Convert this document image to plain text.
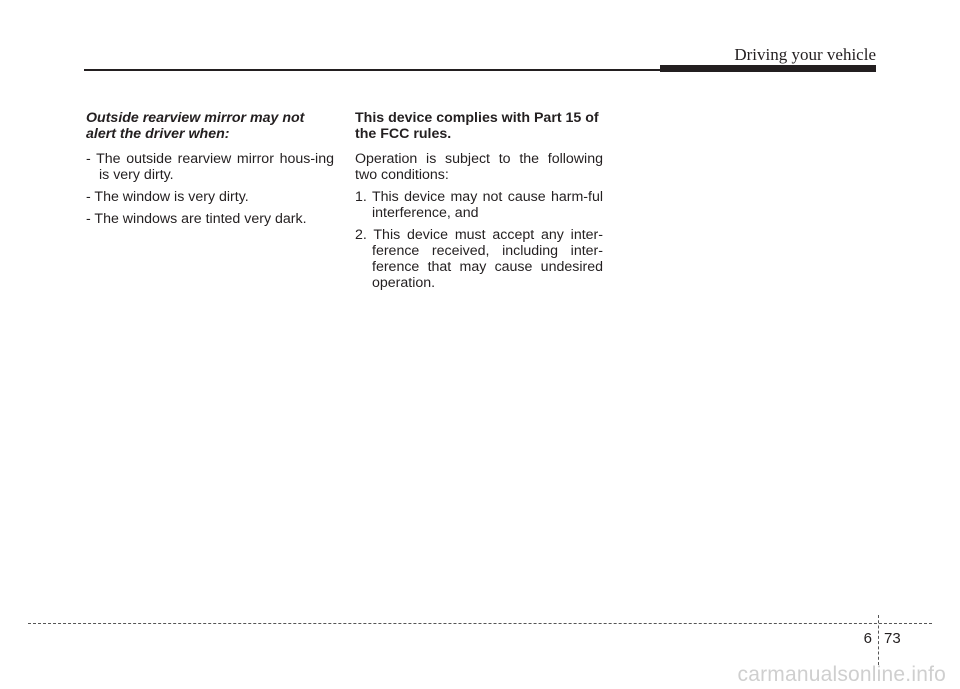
Driving your vehicle

Outside rearview mirror may not alert the driver when:

- The outside rearview mirror hous-ing is very dirty.

- The window is very dirty.

- The windows are tinted very dark.

This device complies with Part 15 of the FCC rules.

Operation is subject to the following two conditions:

1. This device may not cause harm-ful interference, and

2. This device must accept any inter-ference received, including inter-ference that may cause undesired operation.

6 73
carmanualsonline.info
